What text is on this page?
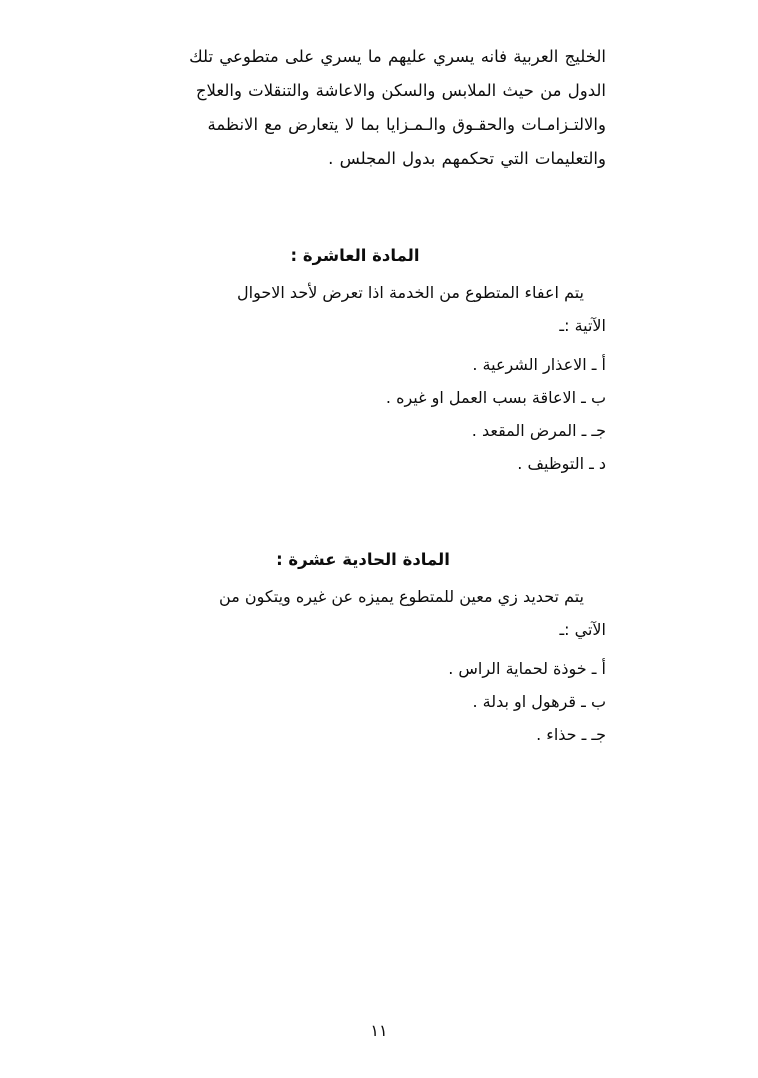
الخليج العربية فانه يسري عليهم ما يسري على متطوعي تلك
الدول من حيث الملابس والسكن والاعاشة والتنقلات والعلاج
والالتـزامـات والحقـوق والـمـزايا بما لا يتعارض مع الانظمة
والتعليمات التي تحكمهم بدول المجلس .

المادة العاشرة :

يتم اعفاء المتطوع من الخدمة اذا تعرض لأحد الاحوال

الآتية :ـ

أ ـ الاعذار الشرعية .
ب ـ الاعاقة بسب العمل او غيره .
جـ ـ المرض المقعد .
د ـ التوظيف .

المادة الحادية عشرة :

يتم تحديد زي معين للمتطوع يميزه عن غيره ويتكون من

الآتي :ـ

أ ـ خوذة لحماية الراس .
ب ـ قرهول او بدلة .
جـ ـ حذاء .
١١
